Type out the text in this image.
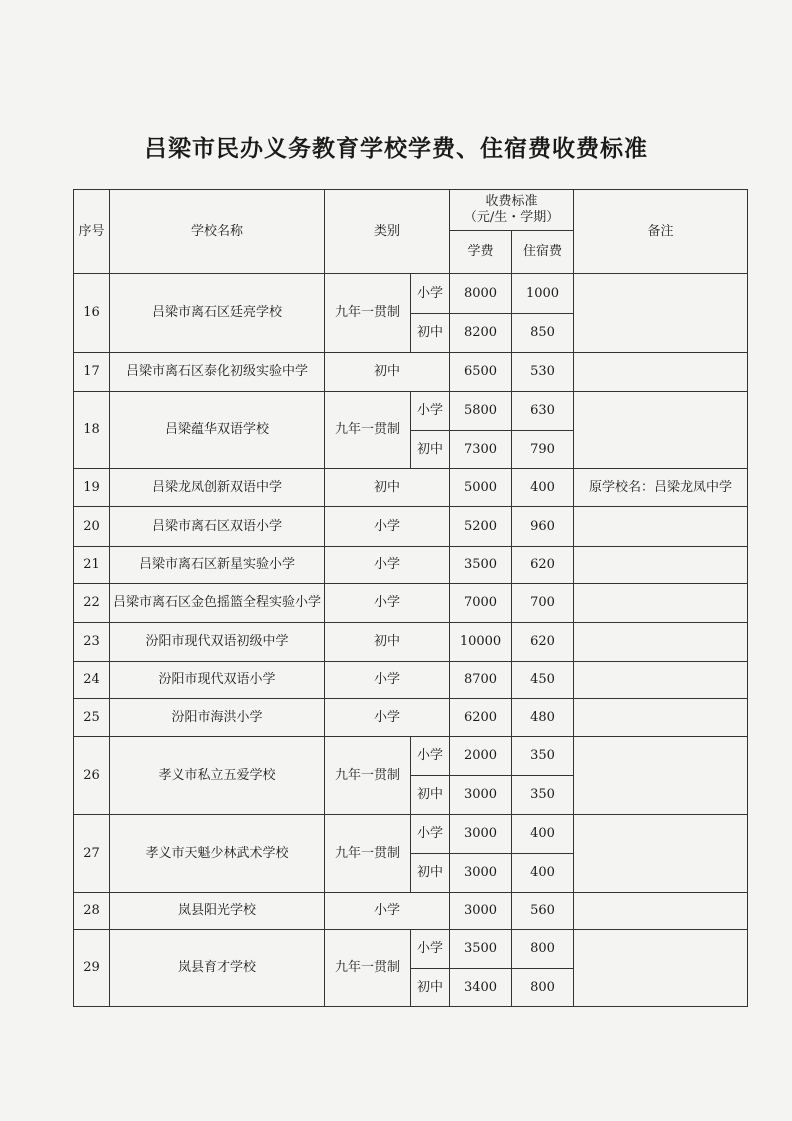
吕梁市民办义务教育学校学费、住宿费收费标准
序号	学校名称	类别		收费标准
（元/生・学期）		备注
				学费	住宿费	
16	吕梁市离石区廷亮学校	九年一贯制	小学	8000	1000	
			初中	8200	850	
17	吕梁市离石区泰化初级实验中学	初中		6500	530	
18	吕梁蕴华双语学校	九年一贯制	小学	5800	630	
			初中	7300	790	
19	吕梁龙凤创新双语中学	初中		5000	400	原学校名：吕梁龙凤中学
20	吕梁市离石区双语小学	小学		5200	960	
21	吕梁市离石区新星实验小学	小学		3500	620	
22	吕梁市离石区金色摇篮全程实验小学	小学		7000	700	
23	汾阳市现代双语初级中学	初中		10000	620	
24	汾阳市现代双语小学	小学		8700	450	
25	汾阳市海洪小学	小学		6200	480	
26	孝义市私立五爱学校	九年一贯制	小学	2000	350	
			初中	3000	350	
27	孝义市天魁少林武术学校	九年一贯制	小学	3000	400	
			初中	3000	400	
28	岚县阳光学校	小学		3000	560	
29	岚县育才学校	九年一贯制	小学	3500	800	
			初中	3400	800	
